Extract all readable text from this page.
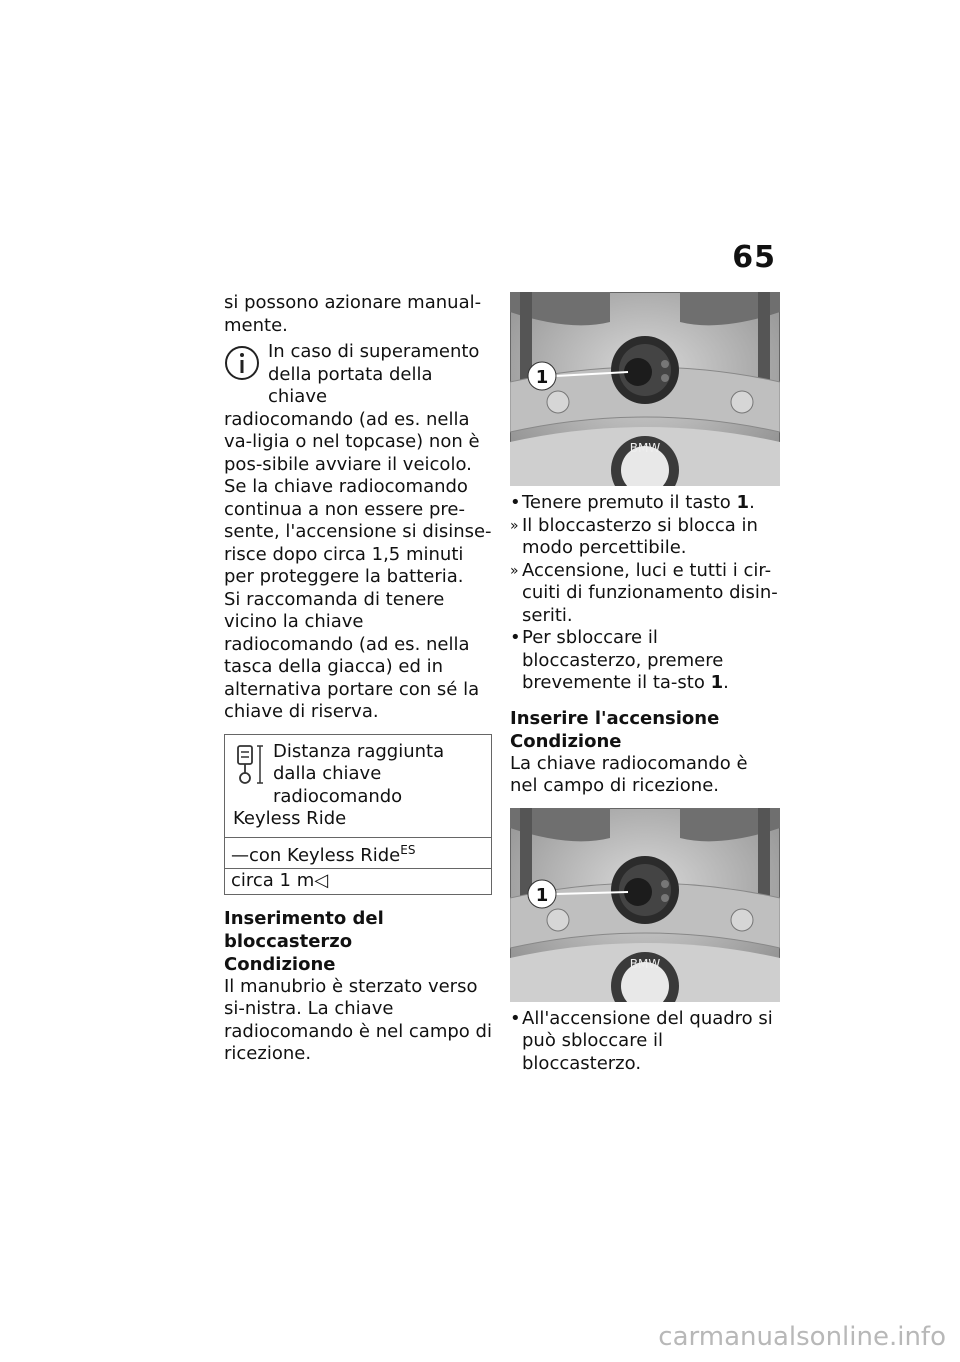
65

si possono azionare manual-mente.

In caso di superamento della portata della chiave

radiocomando (ad es. nella va-ligia o nel topcase) non è pos-sibile avviare il veicolo.

Se la chiave radiocomando continua a non essere pre-sente, l'accensione si disinse-risce dopo circa 1,5 minuti per proteggere la batteria.

Si raccomanda di tenere vicino la chiave radiocomando (ad es. nella tasca della giacca) ed in alternativa portare con sé la chiave di riserva.

Distanza raggiunta dalla chiave radiocomando

Keyless Ride

—con Keyless Ride$^{ES}$
circa 1 m◁
Inserimento del bloccasterzo
Condizione

Il manubrio è sterzato verso si-nistra. La chiave radiocomando è nel campo di ricezione.

BMW
1
• Tenere premuto il tasto 1.
» Il bloccasterzo si blocca in modo percettibile.
» Accensione, luci e tutti i cir-cuiti di funzionamento disin-seriti.
• Per sbloccare il bloccasterzo, premere brevemente il ta-sto 1.
Inserire l'accensione
Condizione

La chiave radiocomando è nel campo di ricezione.

BMW
1
• All'accensione del quadro si può sbloccare il bloccasterzo.
carmanualsonline.info
